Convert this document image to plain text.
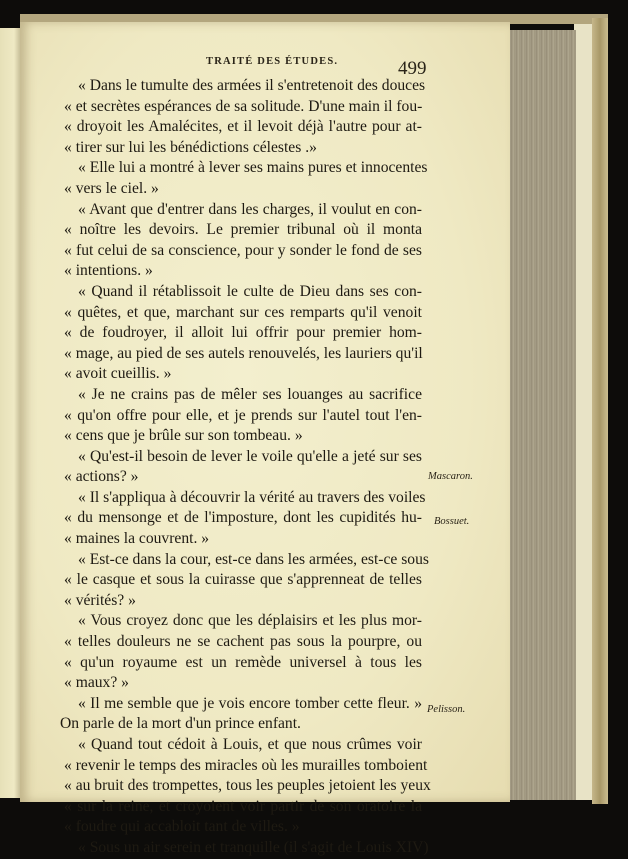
TRAITÉ DES ÉTUDES.	499
« Dans le tumulte des armées il s'entretenoit des douces
« et secrètes espérances de sa solitude. D'une main il fou-
« droyoit les Amalécites, et il levoit déjà l'autre pour at-
« tirer sur lui les bénédictions célestes .»
« Elle lui a montré à lever ses mains pures et innocentes
« vers le ciel. »
« Avant que d'entrer dans les charges, il voulut en con-
« noître les devoirs. Le premier tribunal où il monta
« fut celui de sa conscience, pour y sonder le fond de ses
« intentions. »
« Quand il rétablissoit le culte de Dieu dans ses con-
« quêtes, et que, marchant sur ces remparts qu'il venoit
« de foudroyer, il alloit lui offrir pour premier hom-
« mage, au pied de ses autels renouvelés, les lauriers qu'il
« avoit cueillis. »
« Je ne crains pas de mêler ses louanges au sacrifice
« qu'on offre pour elle, et je prends sur l'autel tout l'en-
« cens que je brûle sur son tombeau. »
« Qu'est-il besoin de lever le voile qu'elle a jeté sur ses
« actions? »
« Il s'appliqua à découvrir la vérité au travers des voiles
« du mensonge et de l'imposture, dont les cupidités hu-
« maines la couvrent. »
« Est-ce dans la cour, est-ce dans les armées, est-ce sous
« le casque et sous la cuirasse que s'apprenneat de telles
« vérités? »
« Vous croyez donc que les déplaisirs et les plus mor-
« telles douleurs ne se cachent pas sous la pourpre, ou
« qu'un royaume est un remède universel à tous les
« maux? »
« Il me semble que je vois encore tomber cette fleur. »
On parle de la mort d'un prince enfant.
« Quand tout cédoit à Louis, et que nous crûmes voir
« revenir le temps des miracles où les murailles tomboient
« au bruit des trompettes, tous les peuples jetoient les yeux
« sur la reine, et croyoient voir partir de son oratoire la
« foudre qui accabloit tant de villes. »
« Sous un air serein et tranquille (il s'agit de Louis XIV)
Mascaron.
Bossuet.
Pelisson.
